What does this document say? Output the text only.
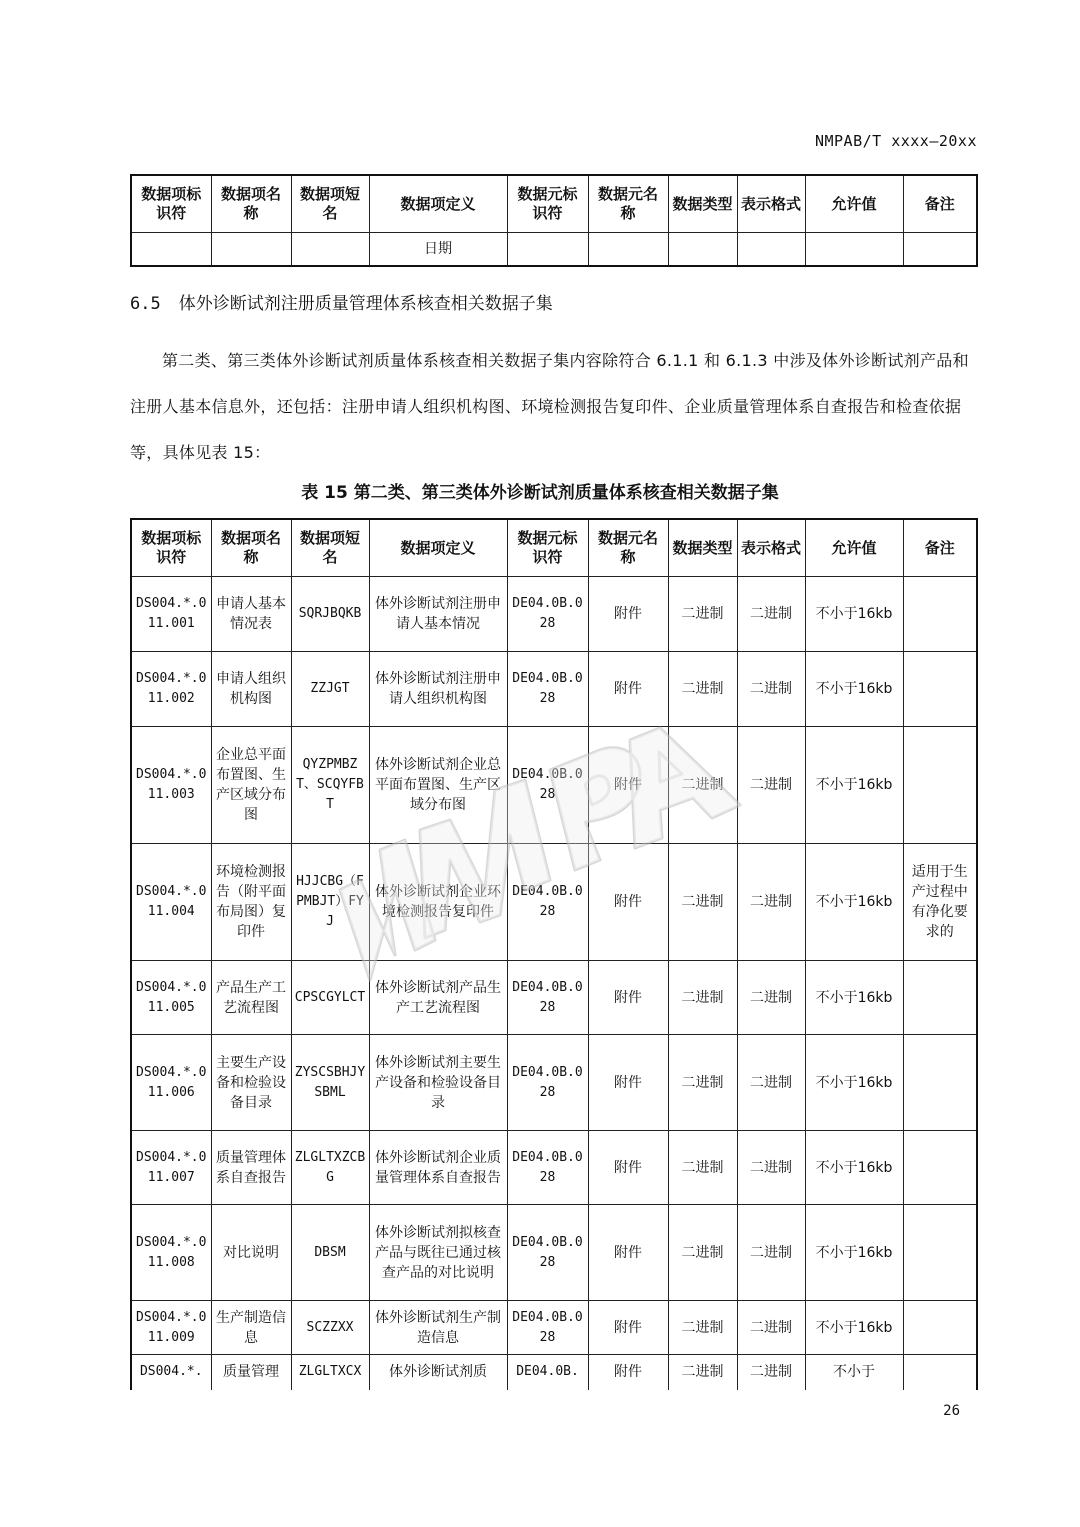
NMPAB/T xxxx—20xx
数据项标识符	数据项名称	数据项短名	数据项定义	数据元标识符	数据元名称	数据类型	表示格式	允许值	备注
			日期						
6.5 体外诊断试剂注册质量管理体系核查相关数据子集
第二类、第三类体外诊断试剂质量体系核查相关数据子集内容除符合 6.1.1 和 6.1.3 中涉及体外诊断试剂产品和注册人基本信息外，还包括：注册申请人组织机构图、环境检测报告复印件、企业质量管理体系自查报告和检查依据等，具体见表 15：
表 15 第二类、第三类体外诊断试剂质量体系核查相关数据子集
数据项标识符	数据项名称	数据项短名	数据项定义	数据元标识符	数据元名称	数据类型	表示格式	允许值	备注
DS004.*.011.001	申请人基本情况表	SQRJBQKB	体外诊断试剂注册申请人基本情况	DE04.0B.028	附件	二进制	二进制	不小于16kb	
DS004.*.011.002	申请人组织机构图	ZZJGT	体外诊断试剂注册申请人组织机构图	DE04.0B.028	附件	二进制	二进制	不小于16kb	
DS004.*.011.003	企业总平面布置图、生产区域分布图	QYZPMBZT、SCQYFBT	体外诊断试剂企业总平面布置图、生产区域分布图	DE04.0B.028	附件	二进制	二进制	不小于16kb	
DS004.*.011.004	环境检测报告（附平面布局图）复印件	HJJCBG（FPMBJT）FYJ	体外诊断试剂企业环境检测报告复印件	DE04.0B.028	附件	二进制	二进制	不小于16kb	适用于生产过程中有净化要求的
DS004.*.011.005	产品生产工艺流程图	CPSCGYLCT	体外诊断试剂产品生产工艺流程图	DE04.0B.028	附件	二进制	二进制	不小于16kb	
DS004.*.011.006	主要生产设备和检验设备目录	ZYSCSBHJYSBML	体外诊断试剂主要生产设备和检验设备目录	DE04.0B.028	附件	二进制	二进制	不小于16kb	
DS004.*.011.007	质量管理体系自查报告	ZLGLTXZCBG	体外诊断试剂企业质量管理体系自查报告	DE04.0B.028	附件	二进制	二进制	不小于16kb	
DS004.*.011.008	对比说明	DBSM	体外诊断试剂拟核查产品与既往已通过核查产品的对比说明	DE04.0B.028	附件	二进制	二进制	不小于16kb	
DS004.*.011.009	生产制造信息	SCZZXX	体外诊断试剂生产制造信息	DE04.0B.028	附件	二进制	二进制	不小于16kb	
DS004.*.	质量管理	ZLGLTXCX	体外诊断试剂质	DE04.0B.	附件	二进制	二进制	不小于	
NMPA
26
